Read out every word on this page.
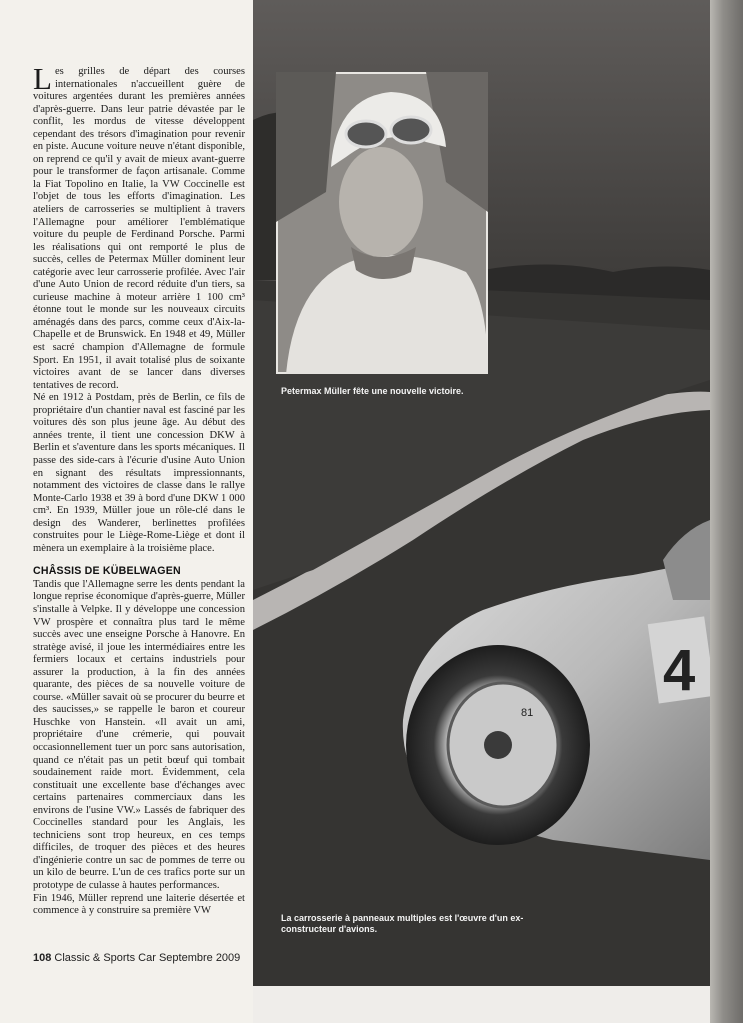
Les grilles de départ des courses internationales n'accueillent guère de voitures argentées durant les premières années d'après-guerre. Dans leur patrie dévastée par le conflit, les mordus de vitesse développent cependant des trésors d'imagination pour revenir en piste. Aucune voiture neuve n'étant disponible, on reprend ce qu'il y avait de mieux avant-guerre pour le transformer de façon artisanale. Comme la Fiat Topolino en Italie, la VW Coccinelle est l'objet de tous les efforts d'imagination. Les ateliers de carrosseries se multiplient à travers l'Allemagne pour améliorer l'emblématique voiture du peuple de Ferdinand Porsche. Parmi les réalisations qui ont remporté le plus de succès, celles de Petermax Müller dominent leur catégorie avec leur carrosserie profilée. Avec l'air d'une Auto Union de record réduite d'un tiers, sa curieuse machine à moteur arrière 1 100 cm³ étonne tout le monde sur les nouveaux circuits aménagés dans des parcs, comme ceux d'Aix-la-Chapelle et de Brunswick. En 1948 et 49, Müller est sacré champion d'Allemagne de formule Sport. En 1951, il avait totalisé plus de soixante victoires avant de se lancer dans diverses tentatives de record.

Né en 1912 à Postdam, près de Berlin, ce fils de propriétaire d'un chantier naval est fasciné par les voitures dès son plus jeune âge. Au début des années trente, il tient une concession DKW à Berlin et s'aventure dans les sports mécaniques. Il passe des side-cars à l'écurie d'usine Auto Union en signant des résultats impressionnants, notamment des victoires de classe dans le rallye Monte-Carlo 1938 et 39 à bord d'une DKW 1 000 cm³. En 1939, Müller joue un rôle-clé dans le design des Wanderer, berlinettes profilées construites pour le Liège-Rome-Liège et dont il mènera un exemplaire à la troisième place.

CHÂSSIS DE KÜBELWAGEN

Tandis que l'Allemagne serre les dents pendant la longue reprise économique d'après-guerre, Müller s'installe à Velpke. Il y développe une concession VW prospère et connaîtra plus tard le même succès avec une enseigne Porsche à Hanovre. En stratège avisé, il joue les intermédiaires entre les fermiers locaux et certains industriels pour assurer la production, à la fin des années quarante, des pièces de sa nouvelle voiture de course. «Müller savait où se procurer du beurre et des saucisses,» se rappelle le baron et coureur Huschke von Hanstein. «Il avait un ami, propriétaire d'une crémerie, qui pouvait occasionnellement tuer un porc sans autorisation, quand ce n'était pas un petit bœuf qui tombait soudainement raide mort. Évidemment, cela constituait une excellente base d'échanges avec certains partenaires commerciaux dans les environs de l'usine VW.» Lassés de fabriquer des Coccinelles standard pour les Anglais, les techniciens sont trop heureux, en ces temps difficiles, de troquer des pièces et des heures d'ingénierie contre un sac de pommes de terre ou un kilo de beurre. L'un de ces trafics porte sur un prototype de culasse à hautes performances.

Fin 1946, Müller reprend une laiterie désertée et commence à y construire sa première VW

108 Classic & Sports Car Septembre 2009
4
81
Petermax Müller fête une nouvelle victoire.
La carrosserie à panneaux multiples est l'œuvre d'un ex-constructeur d'avions.
